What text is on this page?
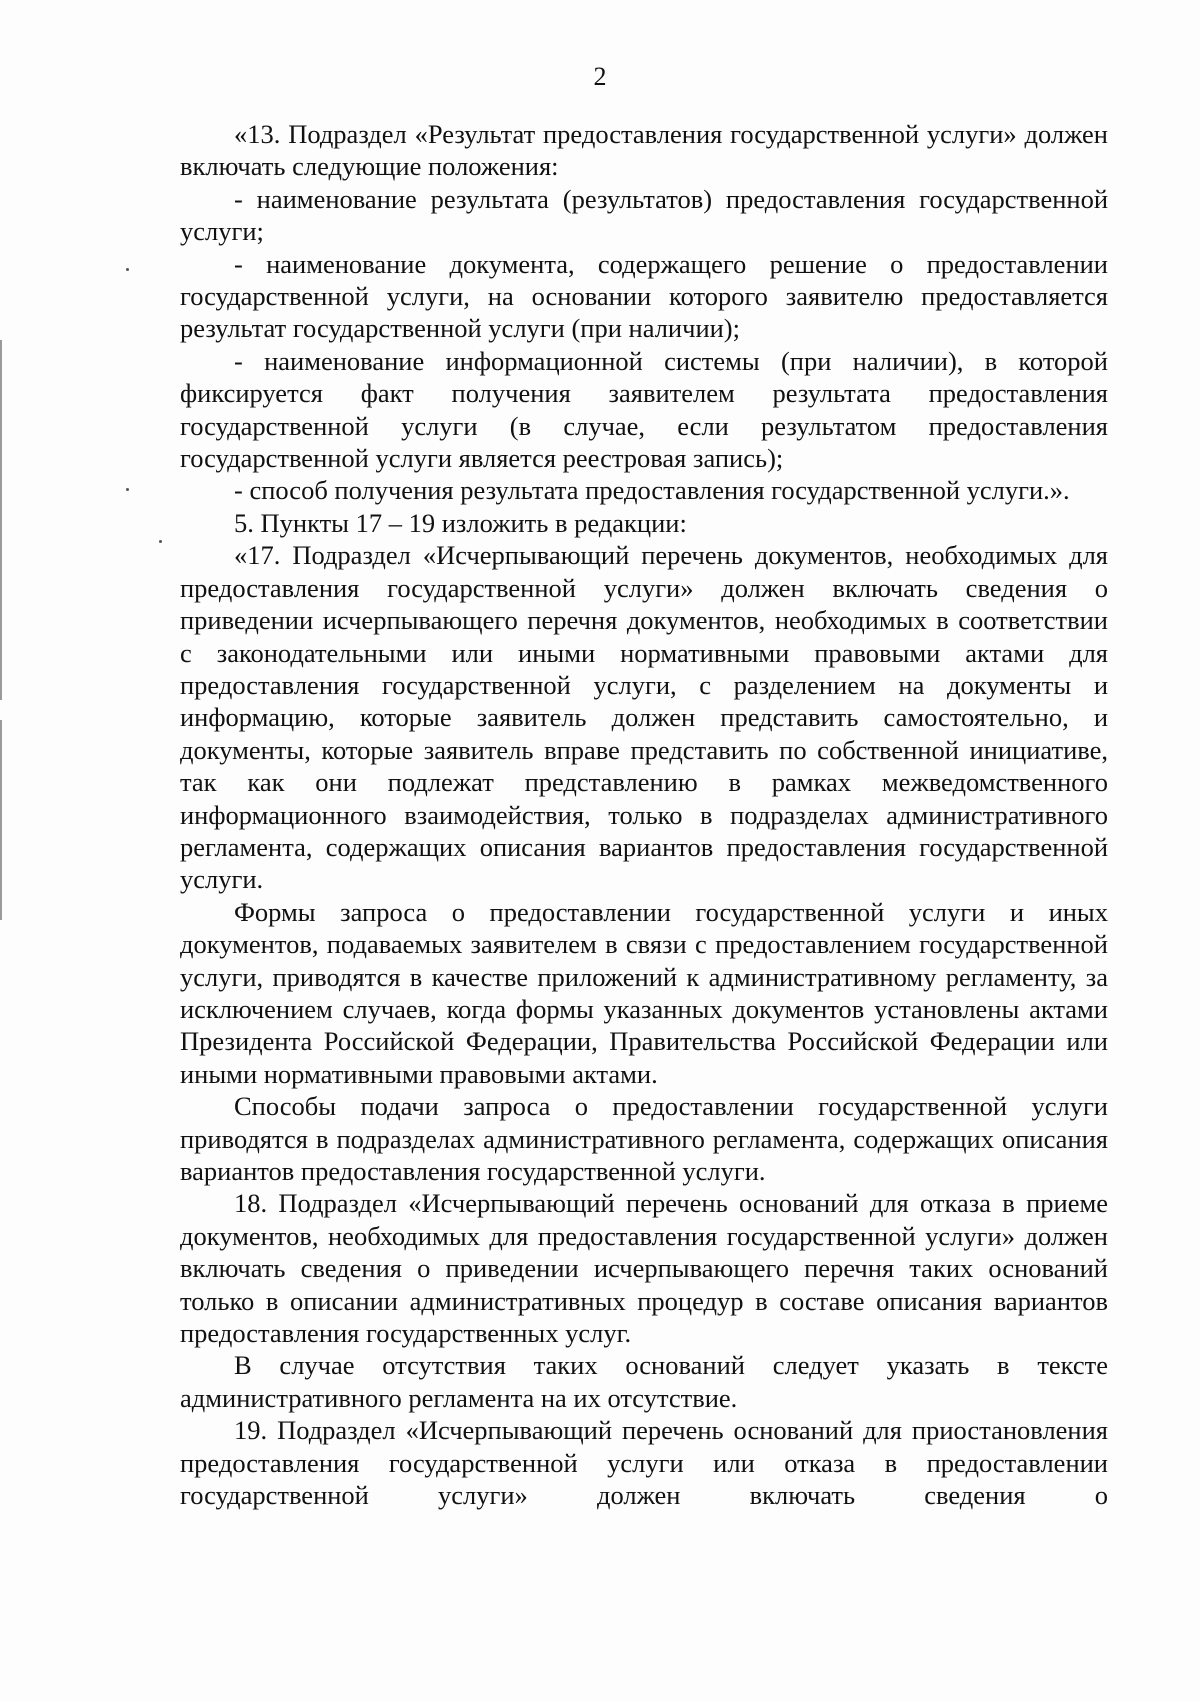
2

«13. Подраздел «Результат предоставления государственной услуги» должен включать следующие положения:

- наименование результата (результатов) предоставления государственной услуги;

- наименование документа, содержащего решение о предоставлении государственной услуги, на основании которого заявителю предоставляется результат государственной услуги (при наличии);

- наименование информационной системы (при наличии), в которой фиксируется факт получения заявителем результата предоставления государственной услуги (в случае, если результатом предоставления государственной услуги является реестровая запись);

- способ получения результата предоставления государственной услуги.».

5. Пункты 17 – 19 изложить в редакции:

«17. Подраздел «Исчерпывающий перечень документов, необходимых для предоставления государственной услуги» должен включать сведения о приведении исчерпывающего перечня документов, необходимых в соответствии с законодательными или иными нормативными правовыми актами для предоставления государственной услуги, с разделением на документы и информацию, которые заявитель должен представить самостоятельно, и документы, которые заявитель вправе представить по собственной инициативе, так как они подлежат представлению в рамках межведомственного информационного взаимодействия, только в подразделах административного регламента, содержащих описания вариантов предоставления государственной услуги.

Формы запроса о предоставлении государственной услуги и иных документов, подаваемых заявителем в связи с предоставлением государственной услуги, приводятся в качестве приложений к административному регламенту, за исключением случаев, когда формы указанных документов установлены актами Президента Российской Федерации, Правительства Российской Федерации или иными нормативными правовыми актами.

Способы подачи запроса о предоставлении государственной услуги приводятся в подразделах административного регламента, содержащих описания вариантов предоставления государственной услуги.

18. Подраздел «Исчерпывающий перечень оснований для отказа в приеме документов, необходимых для предоставления государственной услуги» должен включать сведения о приведении исчерпывающего перечня таких оснований только в описании административных процедур в составе описания вариантов предоставления государственных услуг.

В случае отсутствия таких оснований следует указать в тексте административного регламента на их отсутствие.

19. Подраздел «Исчерпывающий перечень оснований для приостановления предоставления государственной услуги или отказа в предоставлении государственной услуги» должен включать сведения о
